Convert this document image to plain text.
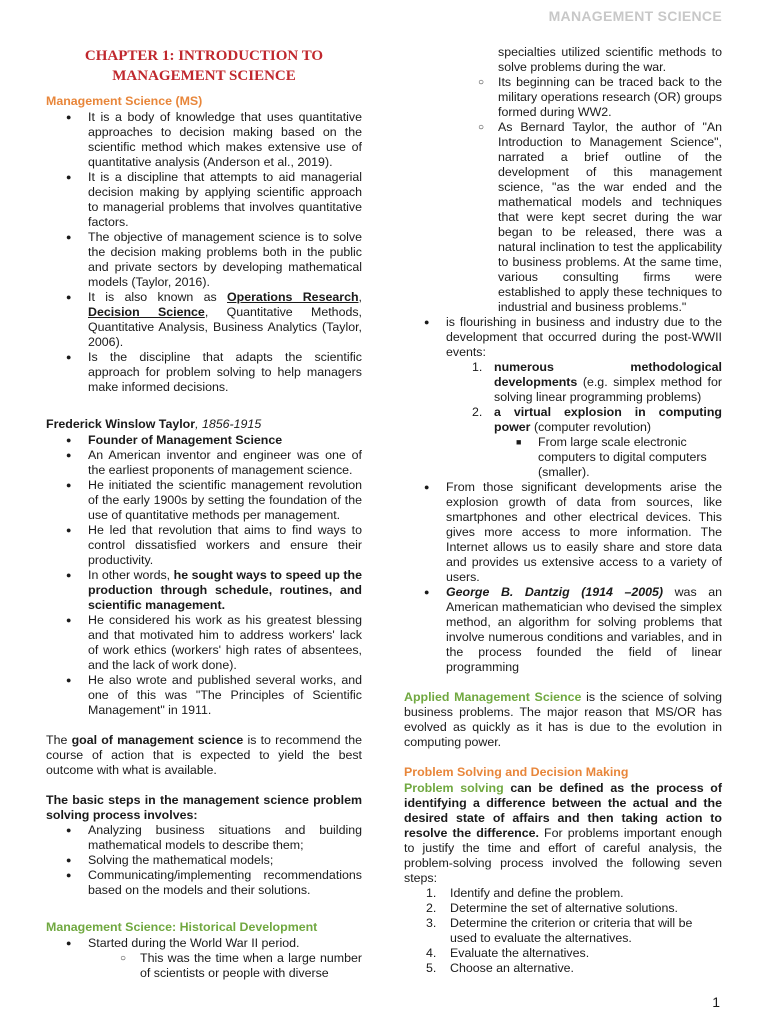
MANAGEMENT SCIENCE
CHAPTER 1: INTRODUCTION TO
MANAGEMENT SCIENCE
Management Science (MS)
● It is a body of knowledge that uses quantitative approaches to decision making based on the scientific method which makes extensive use of quantitative analysis (Anderson et al., 2019).
● It is a discipline that attempts to aid managerial decision making by applying scientific approach to managerial problems that involves quantitative factors.
● The objective of management science is to solve the decision making problems both in the public and private sectors by developing mathematical models (Taylor, 2016).
● It is also known as Operations Research, Decision Science, Quantitative Methods, Quantitative Analysis, Business Analytics (Taylor, 2006).
● Is the discipline that adapts the scientific approach for problem solving to help managers make informed decisions.
Frederick Winslow Taylor, 1856-1915
● Founder of Management Science
● An American inventor and engineer was one of the earliest proponents of management science.
● He initiated the scientific management revolution of the early 1900s by setting the foundation of the use of quantitative methods per management.
● He led that revolution that aims to find ways to control dissatisfied workers and ensure their productivity.
● In other words, he sought ways to speed up the production through schedule, routines, and scientific management.
● He considered his work as his greatest blessing and that motivated him to address workers' lack of work ethics (workers' high rates of absentees, and the lack of work done).
● He also wrote and published several works, and one of this was "The Principles of Scientific Management" in 1911.

The goal of management science is to recommend the course of action that is expected to yield the best outcome with what is available.

The basic steps in the management science problem solving process involves:

● Analyzing business situations and building mathematical models to describe them;
● Solving the mathematical models;
● Communicating/implementing recommendations based on the models and their solutions.
Management Science: Historical Development
● Started during the World War II period.
○ This was the time when a large number of scientists or people with diverse
specialties utilized scientific methods to solve problems during the war.
○ Its beginning can be traced back to the military operations research (OR) groups formed during WW2.
○ As Bernard Taylor, the author of "An Introduction to Management Science", narrated a brief outline of the development of this management science, "as the war ended and the mathematical models and techniques that were kept secret during the war began to be released, there was a natural inclination to test the applicability to business problems. At the same time, various consulting firms were established to apply these techniques to industrial and business problems."
● is flourishing in business and industry due to the development that occurred during the post-WWII events:
1. numerous methodological developments (e.g. simplex method for solving linear programming problems)
2. a virtual explosion in computing power (computer revolution)
■ From large scale electronic computers to digital computers (smaller).
● From those significant developments arise the explosion growth of data from sources, like smartphones and other electrical devices. This gives more access to more information. The Internet allows us to easily share and store data and provides us extensive access to a variety of users.
● George B. Dantzig (1914 –2005) was an American mathematician who devised the simplex method, an algorithm for solving problems that involve numerous conditions and variables, and in the process founded the field of linear programming

Applied Management Science is the science of solving business problems. The major reason that MS/OR has evolved as quickly as it has is due to the evolution in computing power.

Problem Solving and Decision Making

Problem solving can be defined as the process of identifying a difference between the actual and the desired state of affairs and then taking action to resolve the difference. For problems important enough to justify the time and effort of careful analysis, the problem-solving process involved the following seven steps:

1. Identify and define the problem.
2. Determine the set of alternative solutions.
3. Determine the criterion or criteria that will be used to evaluate the alternatives.
4. Evaluate the alternatives.
5. Choose an alternative.
1
